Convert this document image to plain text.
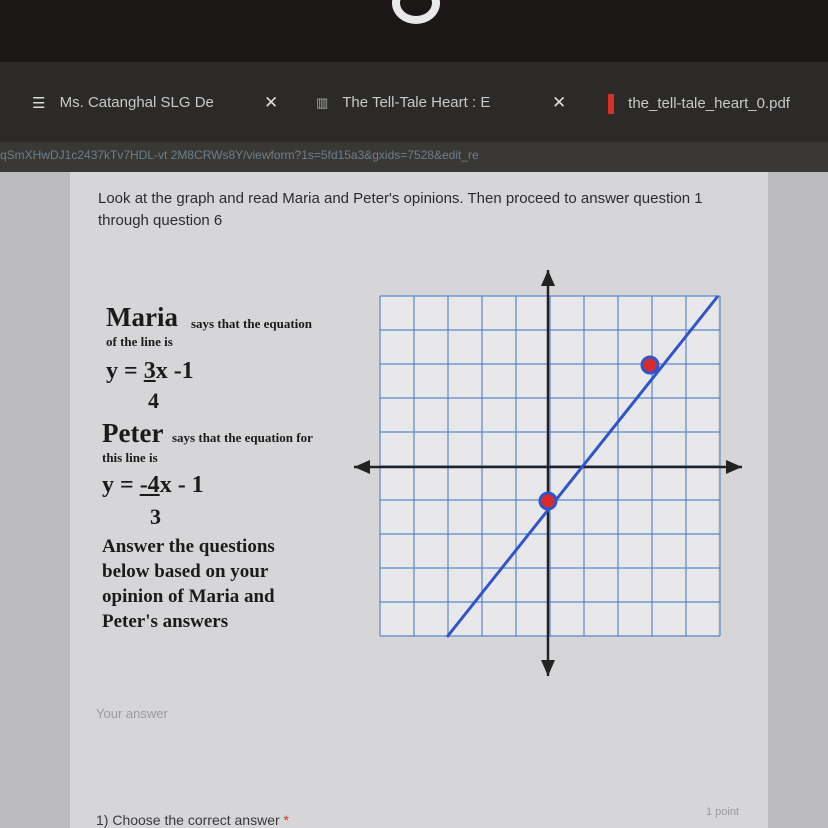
☰ Ms. Catanghal SLG De	✕	▥ The Tell-Tale Heart : E	✕	the_tell-tale_heart_0.pdf
qSmXHwDJ1c2437kTv7HDL-vt 2M8CRWs8Y/viewform?1s=5fd15a3&gxids=7528&edit_re
Look at the graph and read Maria and Peter's opinions. Then proceed to answer question 1 through question 6
Maria says that the equation
of the line is
y = 3x -1
4
Peter says that the equation for
this line is
y = -4x - 1
3
Answer the questions
below based on your
opinion of Maria and
Peter's answers
Your answer
1) Choose the correct answer *	1 point
